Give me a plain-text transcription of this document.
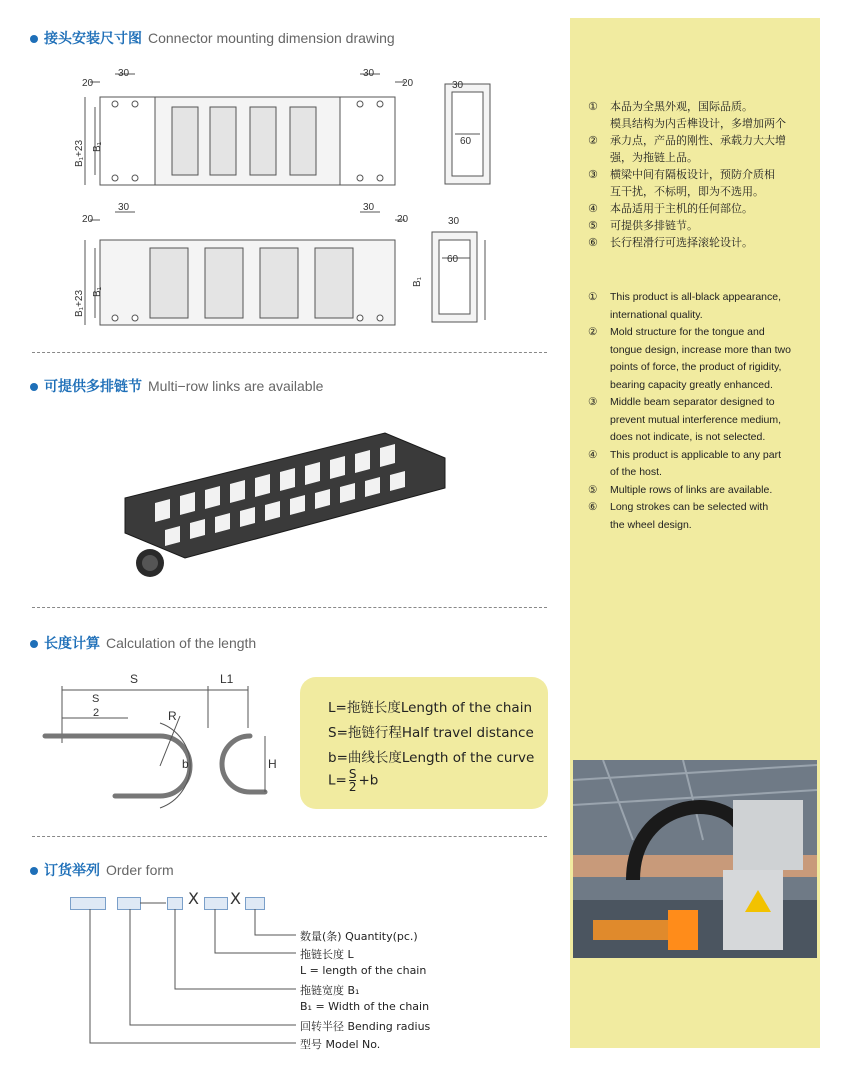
接头安装尺寸图 Connector mounting dimension drawing
20
30	30
20	30
60
B₁+23 B₁
20
30	30
20	30
60
B₁+23 B₁
B₁
可提供多排链节 Multi−row links are available
长度计算 Calculation of the length
S	L1
S
2	R
b	H
L=拖链长度Length of the chain
S=拖链行程Half travel distance
b=曲线长度Length of the curve
$L= \frac{S}{2} +b$
订货举列 Order form
X X
数量(条) Quantity(pc.)
拖链长度 L
L = length of the chain
拖链宽度 B₁
B₁ = Width of the chain
回转半径 Bending radius
型号 Model No.
①	本品为全黑外观，国际品质。
模具结构为内舌榫设计，多增加两个
②	承力点，产品的刚性、承载力大大增
强，为拖链上品。
③	横梁中间有隔板设计，预防介质相
互干扰，不标明，即为不选用。
④	本品适用于主机的任何部位。
⑤	可提供多排链节。
⑥	长行程滑行可选择滚轮设计。
①	This product is all-black appearance,
international quality.
②	Mold structure for the tongue and
tongue design, increase more than two
points of force, the product of rigidity,
bearing capacity greatly enhanced.
③	Middle beam separator designed to
prevent mutual interference medium,
does not indicate, is not selected.
④	This product is applicable to any part
of the host.
⑤	Multiple rows of links are available.
⑥	Long strokes can be selected with
the wheel design.
